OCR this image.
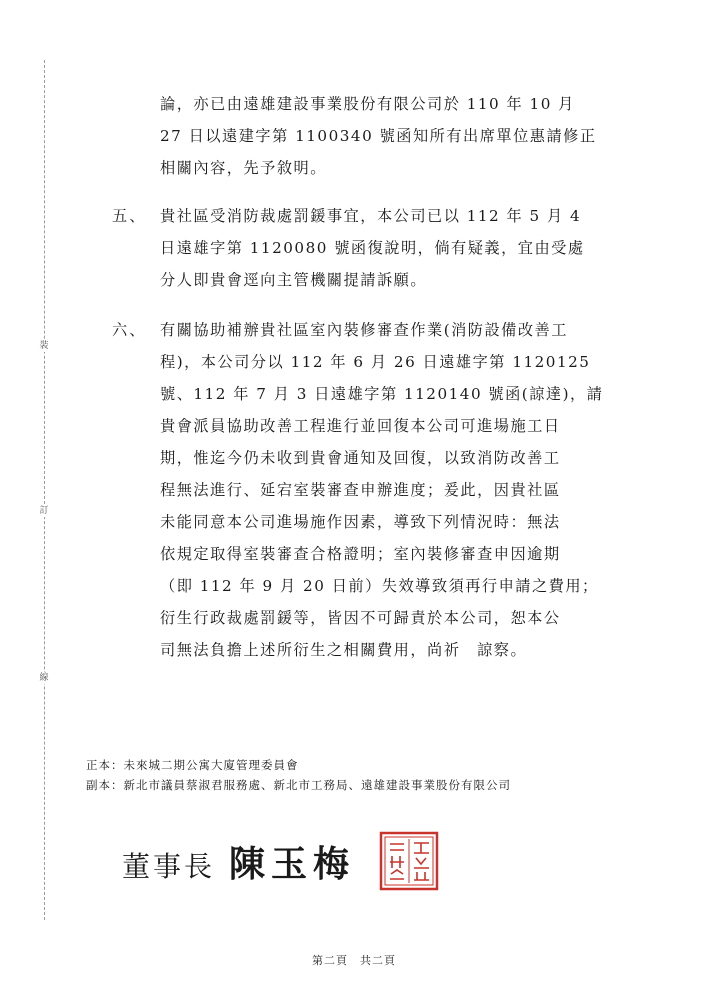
裝
訂
線
論，亦已由遠雄建設事業股份有限公司於 110 年 10 月
27 日以遠建字第 1100340 號函知所有出席單位惠請修正
相關內容，先予敘明。
五、 貴社區受消防裁處罰鍰事宜，本公司已以 112 年 5 月 4
日遠雄字第 1120080 號函復說明，倘有疑義，宜由受處
分人即貴會逕向主管機關提請訴願。
六、 有關協助補辦貴社區室內裝修審查作業(消防設備改善工
程)，本公司分以 112 年 6 月 26 日遠雄字第 1120125
號、112 年 7 月 3 日遠雄字第 1120140 號函(諒達)，請
貴會派員協助改善工程進行並回復本公司可進場施工日
期，惟迄今仍未收到貴會通知及回復，以致消防改善工
程無法進行、延宕室裝審查申辦進度；爰此，因貴社區
未能同意本公司進場施作因素，導致下列情況時：無法
依規定取得室裝審查合格證明；室內裝修審查申因逾期
（即 112 年 9 月 20 日前）失效導致須再行申請之費用；
衍生行政裁處罰鍰等，皆因不可歸責於本公司，恕本公
司無法負擔上述所衍生之相關費用，尚祈　諒察。
正本：未來城二期公寓大廈管理委員會
副本：新北市議員蔡淑君服務處、新北市工務局、遠雄建設事業股份有限公司
董事長 陳玉梅
第二頁　共二頁
